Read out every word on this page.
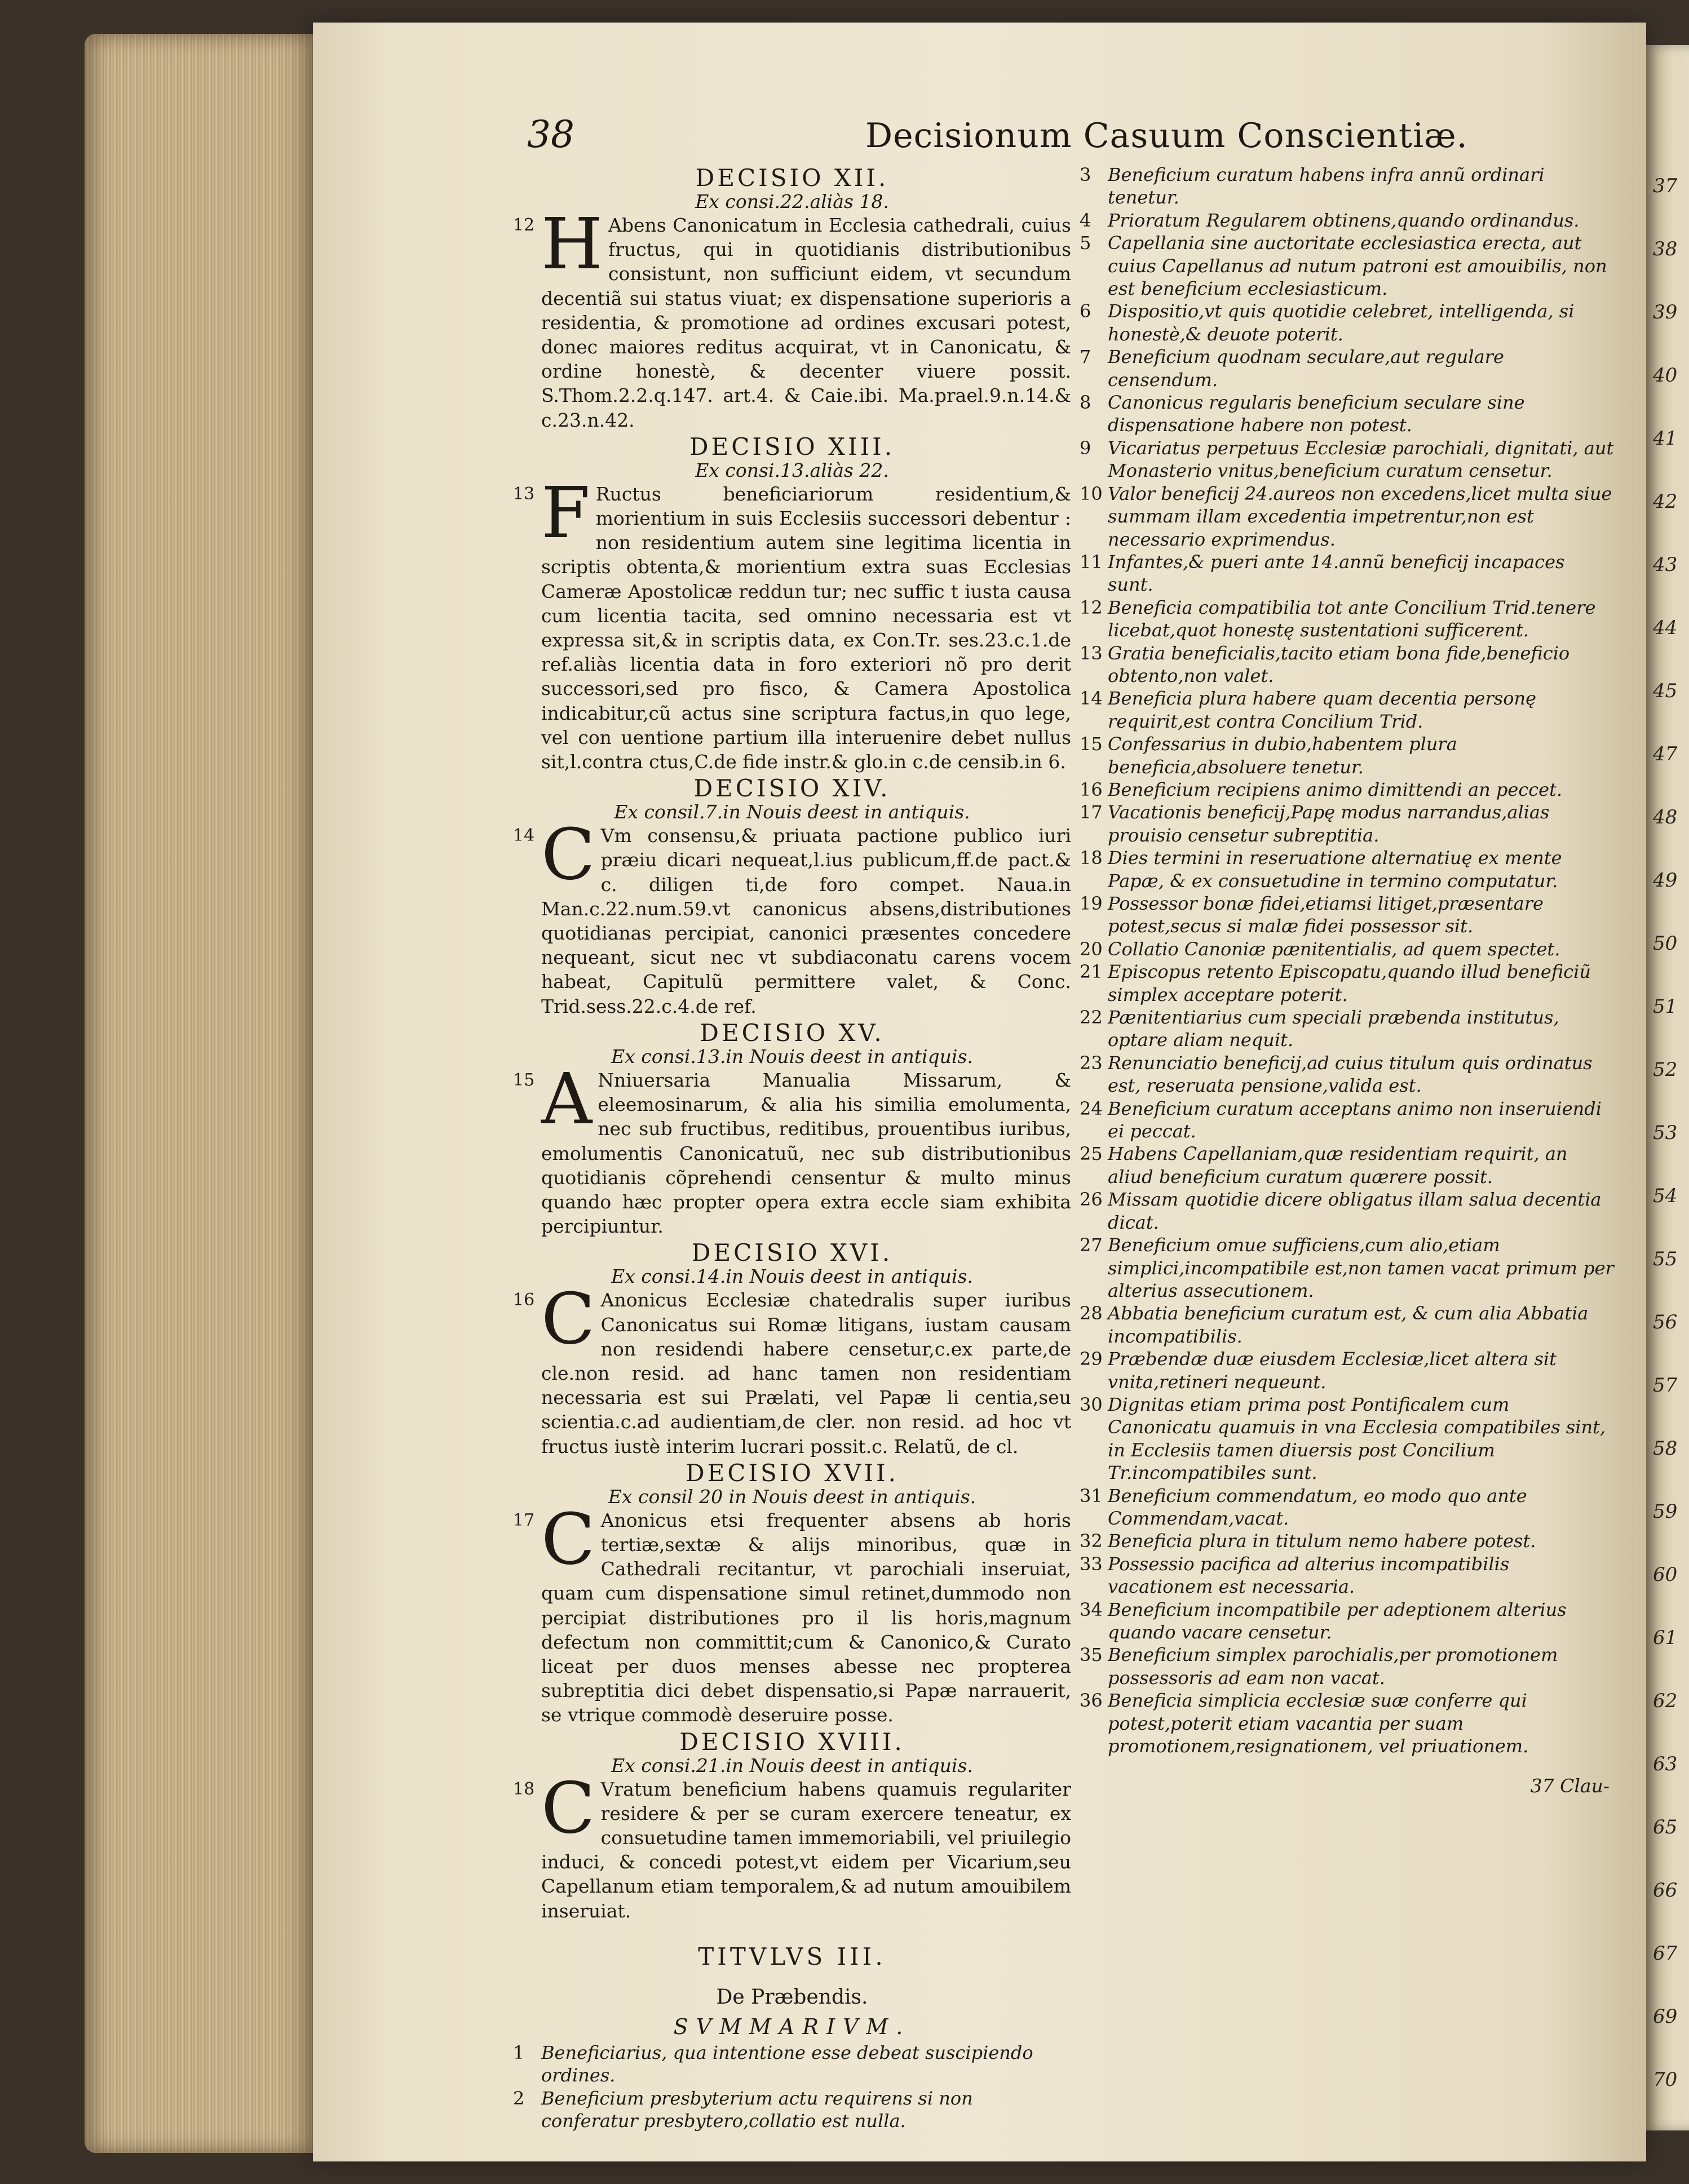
37
38
39
40
41
42
43
44
45
47
48
49
50
51
52
53
54
55
56
57
58
59
60
61
62
63
65
66
67
69
70
38	Decisionum Casuum Conscientiæ.
DECISIO XII.
Ex consi.22.aliàs 18.
12 H Abens Canonicatum in Ecclesia cathedrali, cuius fructus, qui in quotidianis distributionibus consistunt, non sufficiunt eidem, vt secundum decentiã sui status viuat; ex dispensatione superioris a residentia, & promotione ad ordines excusari potest, donec maiores reditus acquirat, vt in Canonicatu, & ordine honestè, & decenter viuere possit. S.Thom.2.2.q.147. art.4. & Caie.ibi. Ma.prael.9.n.14.& c.23.n.42.
DECISIO XIII.
Ex consi.13.aliàs 22.
13 F Ructus beneficiariorum residentium,& morientium in suis Ecclesiis successori debentur : non residentium autem sine legitima licentia in scriptis obtenta,& morientium extra suas Ecclesias Cameræ Apostolicæ reddun tur; nec suffic t iusta causa cum licentia tacita, sed omnino necessaria est vt expressa sit,& in scriptis data, ex Con.Tr. ses.23.c.1.de ref.aliàs licentia data in foro exteriori nõ pro derit successori,sed pro fisco, & Camera Apostolica indicabitur,cũ actus sine scriptura factus,in quo lege, vel con uentione partium illa interuenire debet nullus sit,l.contra ctus,C.de fide instr.& glo.in c.de censib.in 6.
DECISIO XIV.
Ex consil.7.in Nouis deest in antiquis.
14 C Vm consensu,& priuata pactione publico iuri præiu dicari nequeat,l.ius publicum,ff.de pact.& c. diligen ti,de foro compet. Naua.in Man.c.22.num.59.vt canonicus absens,distributiones quotidianas percipiat, canonici præsentes concedere nequeant, sicut nec vt subdiaconatu carens vocem habeat, Capitulũ permittere valet, & Conc. Trid.sess.22.c.4.de ref.
DECISIO XV.
Ex consi.13.in Nouis deest in antiquis.
15 A Nniuersaria Manualia Missarum, & eleemosinarum, & alia his similia emolumenta, nec sub fructibus, reditibus, prouentibus iuribus, emolumentis Canonicatuũ, nec sub distributionibus quotidianis cõprehendi censentur & multo minus quando hæc propter opera extra eccle siam exhibita percipiuntur.
DECISIO XVI.
Ex consi.14.in Nouis deest in antiquis.
16 C Anonicus Ecclesiæ chatedralis super iuribus Canonicatus sui Romæ litigans, iustam causam non residendi habere censetur,c.ex parte,de cle.non resid. ad hanc tamen non residentiam necessaria est sui Prælati, vel Papæ li centia,seu scientia.c.ad audientiam,de cler. non resid. ad hoc vt fructus iustè interim lucrari possit.c. Relatũ, de cl.
DECISIO XVII.
Ex consil 20 in Nouis deest in antiquis.
17 C Anonicus etsi frequenter absens ab horis tertiæ,sextæ & alijs minoribus, quæ in Cathedrali recitantur, vt parochiali inseruiat, quam cum dispensatione simul retinet,dummodo non percipiat distributiones pro il lis horis,magnum defectum non committit;cum & Canonico,& Curato liceat per duos menses abesse nec propterea subreptitia dici debet dispensatio,si Papæ narrauerit, se vtrique commodè deseruire posse.
DECISIO XVIII.
Ex consi.21.in Nouis deest in antiquis.
18 C Vratum beneficium habens quamuis regulariter residere & per se curam exercere teneatur, ex consuetudine tamen immemoriabili, vel priuilegio induci, & concedi potest,vt eidem per Vicarium,seu Capellanum etiam temporalem,& ad nutum amouibilem inseruiat.
TITVLVS III.
De Præbendis.
SVMMARIVM.
1 Beneficiarius, qua intentione esse debeat suscipiendo ordines.
2 Beneficium presbyterium actu requirens si non conferatur presbytero,collatio est nulla.
3 Beneficium curatum habens infra annũ ordinari tenetur.
4 Prioratum Regularem obtinens,quando ordinandus.
5 Capellania sine auctoritate ecclesiastica erecta, aut cuius Capellanus ad nutum patroni est amouibilis, non est beneficium ecclesiasticum.
6 Dispositio,vt quis quotidie celebret, intelligenda, si honestè,& deuote poterit.
7 Beneficium quodnam seculare,aut regulare censendum.
8 Canonicus regularis beneficium seculare sine dispensatione habere non potest.
9 Vicariatus perpetuus Ecclesiæ parochiali, dignitati, aut Monasterio vnitus,beneficium curatum censetur.
10 Valor beneficij 24.aureos non excedens,licet multa siue summam illam excedentia impetrentur,non est necessario exprimendus.
11 Infantes,& pueri ante 14.annũ beneficij incapaces sunt.
12 Beneficia compatibilia tot ante Concilium Trid.tenere licebat,quot honestę sustentationi sufficerent.
13 Gratia beneficialis,tacito etiam bona fide,beneficio obtento,non valet.
14 Beneficia plura habere quam decentia personę requirit,est contra Concilium Trid.
15 Confessarius in dubio,habentem plura beneficia,absoluere tenetur.
16 Beneficium recipiens animo dimittendi an peccet.
17 Vacationis beneficij,Papę modus narrandus,alias prouisio censetur subreptitia.
18 Dies termini in reseruatione alternatiuę ex mente Papæ, & ex consuetudine in termino computatur.
19 Possessor bonæ fidei,etiamsi litiget,præsentare potest,secus si malæ fidei possessor sit.
20 Collatio Canoniæ pænitentialis, ad quem spectet.
21 Episcopus retento Episcopatu,quando illud beneficiũ simplex acceptare poterit.
22 Pænitentiarius cum speciali præbenda institutus, optare aliam nequit.
23 Renunciatio beneficij,ad cuius titulum quis ordinatus est, reseruata pensione,valida est.
24 Beneficium curatum acceptans animo non inseruiendi ei peccat.
25 Habens Capellaniam,quæ residentiam requirit, an aliud beneficium curatum quærere possit.
26 Missam quotidie dicere obligatus illam salua decentia dicat.
27 Beneficium omue sufficiens,cum alio,etiam simplici,incompatibile est,non tamen vacat primum per alterius assecutionem.
28 Abbatia beneficium curatum est, & cum alia Abbatia incompatibilis.
29 Præbendæ duæ eiusdem Ecclesiæ,licet altera sit vnita,retineri nequeunt.
30 Dignitas etiam prima post Pontificalem cum Canonicatu quamuis in vna Ecclesia compatibiles sint, in Ecclesiis tamen diuersis post Concilium Tr.incompatibiles sunt.
31 Beneficium commendatum, eo modo quo ante Commendam,vacat.
32 Beneficia plura in titulum nemo habere potest.
33 Possessio pacifica ad alterius incompatibilis vacationem est necessaria.
34 Beneficium incompatibile per adeptionem alterius quando vacare censetur.
35 Beneficium simplex parochialis,per promotionem possessoris ad eam non vacat.
36 Beneficia simplicia ecclesiæ suæ conferre qui potest,poterit etiam vacantia per suam promotionem,resignationem, vel priuationem.
37 Clau-
